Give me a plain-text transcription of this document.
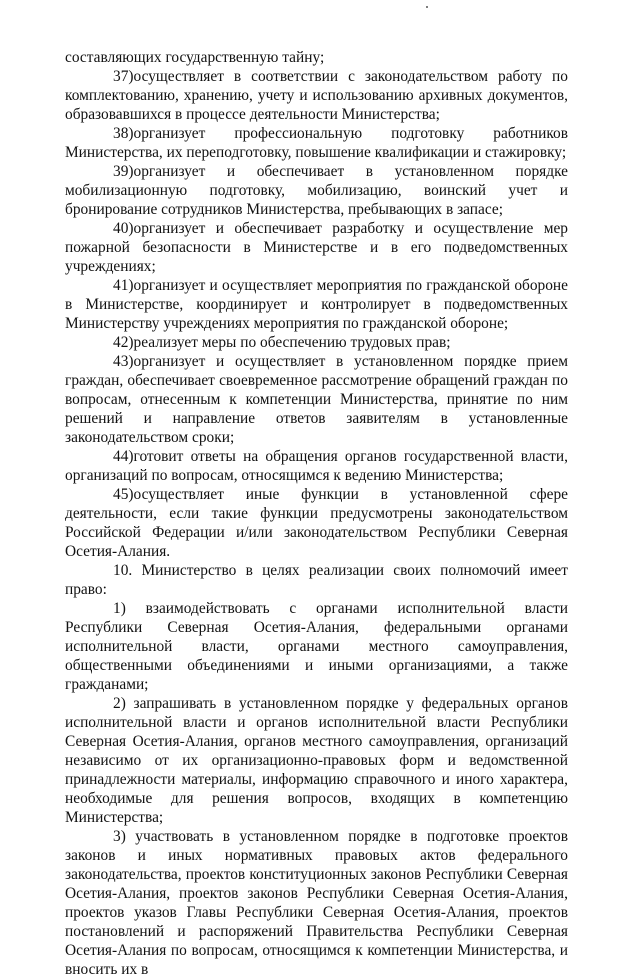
составляющих государственную тайну;

37)осуществляет в соответствии с законодательством работу по комплектованию, хранению, учету и использованию архивных документов, образовавшихся в процессе деятельности Министерства;

38)организует профессиональную подготовку работников Министерства, их переподготовку, повышение квалификации и стажировку;

39)организует и обеспечивает в установленном порядке мобилизационную подготовку, мобилизацию, воинский учет и бронирование сотрудников Министерства, пребывающих в запасе;

40)организует и обеспечивает разработку и осуществление мер пожарной безопасности в Министерстве и в его подведомственных учреждениях;

41)организует и осуществляет мероприятия по гражданской обороне в Министерстве, координирует и контролирует в подведомственных Министерству учреждениях мероприятия по гражданской обороне;

42)реализует меры по обеспечению трудовых прав;

43)организует и осуществляет в установленном порядке прием граждан, обеспечивает своевременное рассмотрение обращений граждан по вопросам, отнесенным к компетенции Министерства, принятие по ним решений и направление ответов заявителям в установленные законодательством сроки;

44)готовит ответы на обращения органов государственной власти, организаций по вопросам, относящимся к ведению Министерства;

45)осуществляет иные функции в установленной сфере деятельности, если такие функции предусмотрены законодательством Российской Федерации и/или законодательством Республики Северная Осетия-Алания.

10. Министерство в целях реализации своих полномочий имеет право:

1) взаимодействовать с органами исполнительной власти Республики Северная Осетия-Алания, федеральными органами исполнительной власти, органами местного самоуправления, общественными объединениями и иными организациями, а также гражданами;

2) запрашивать в установленном порядке у федеральных органов исполнительной власти и органов исполнительной власти Республики Северная Осетия-Алания, органов местного самоуправления, организаций независимо от их организационно-правовых форм и ведомственной принадлежности материалы, информацию справочного и иного характера, необходимые для решения вопросов, входящих в компетенцию Министерства;

3) участвовать в установленном порядке в подготовке проектов законов и иных нормативных правовых актов федерального законодательства, проектов конституционных законов Республики Северная Осетия-Алания, проектов законов Республики Северная Осетия-Алания, проектов указов Главы Республики Северная Осетия-Алания, проектов постановлений и распоряжений Правительства Республики Северная Осетия-Алания по вопросам, относящимся к компетенции Министерства, и вносить их в
